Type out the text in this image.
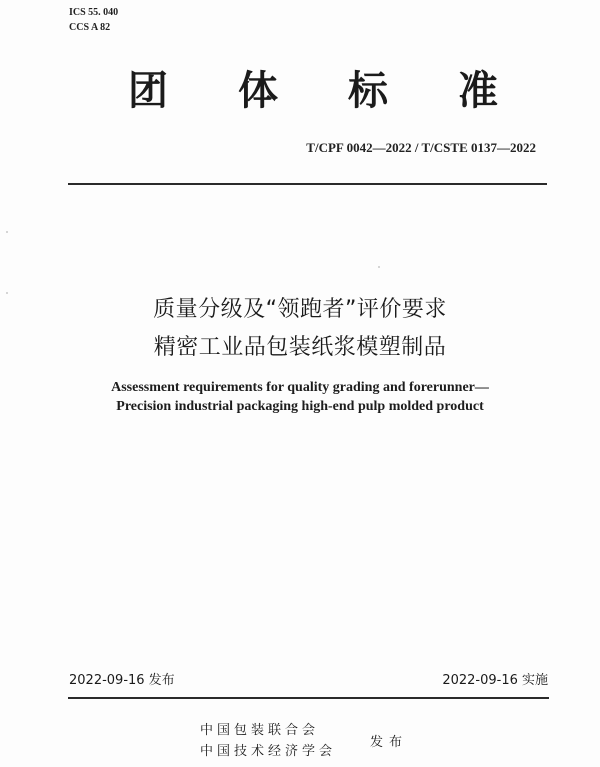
ICS 55. 040
CCS A 82
团 体 标 准
T/CPF 0042—2022 / T/CSTE 0137—2022
质量分级及“领跑者”评价要求
精密工业品包装纸浆模塑制品
Assessment requirements for quality grading and forerunner—
Precision industrial packaging high-end pulp molded product
2022-09-16 发布	2022-09-16 实施
中国包装联合会
中国技术经济学会
发布
